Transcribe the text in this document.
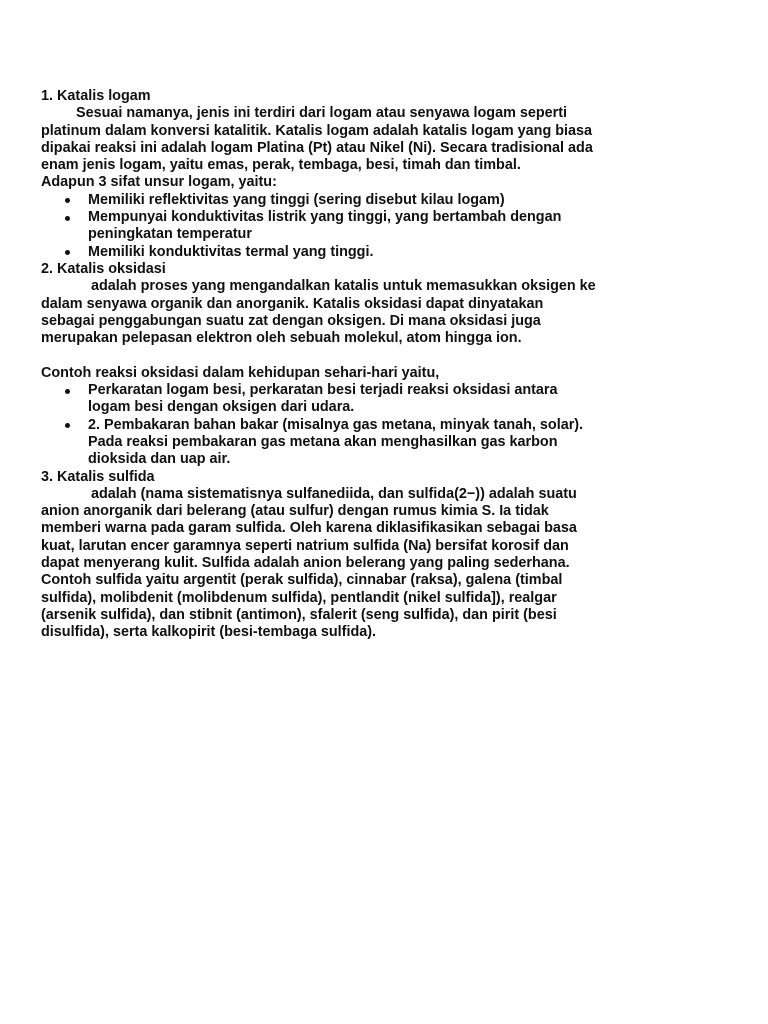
1. Katalis logam

Sesuai namanya, jenis ini terdiri dari logam atau senyawa logam seperti

platinum dalam konversi katalitik. Katalis logam adalah katalis logam yang biasa

dipakai reaksi ini adalah logam Platina (Pt) atau Nikel (Ni). Secara tradisional ada

enam jenis logam, yaitu emas, perak, tembaga, besi, timah dan timbal.

Adapun 3 sifat unsur logam, yaitu:

Memiliki reflektivitas yang tinggi (sering disebut kilau logam)

Mempunyai konduktivitas listrik yang tinggi, yang bertambah dengan

peningkatan temperatur

Memiliki konduktivitas termal yang tinggi.

2. Katalis oksidasi

adalah proses yang mengandalkan katalis untuk memasukkan oksigen ke

dalam senyawa organik dan anorganik. Katalis oksidasi dapat dinyatakan

sebagai penggabungan suatu zat dengan oksigen. Di mana oksidasi juga

merupakan pelepasan elektron oleh sebuah molekul, atom hingga ion.

Contoh reaksi oksidasi dalam kehidupan sehari-hari yaitu,

Perkaratan logam besi, perkaratan besi terjadi reaksi oksidasi antara

logam besi dengan oksigen dari udara.

2. Pembakaran bahan bakar (misalnya gas metana, minyak tanah, solar).

Pada reaksi pembakaran gas metana akan menghasilkan gas karbon

dioksida dan uap air.

3. Katalis sulfida

adalah (nama sistematisnya sulfanediida, dan sulfida(2−)) adalah suatu

anion anorganik dari belerang (atau sulfur) dengan rumus kimia S. Ia tidak

memberi warna pada garam sulfida. Oleh karena diklasifikasikan sebagai basa

kuat, larutan encer garamnya seperti natrium sulfida (Na) bersifat korosif dan

dapat menyerang kulit. Sulfida adalah anion belerang yang paling sederhana.

Contoh sulfida yaitu argentit (perak sulfida), cinnabar (raksa), galena (timbal

sulfida), molibdenit (molibdenum sulfida), pentlandit (nikel sulfida]), realgar

(arsenik sulfida), dan stibnit (antimon), sfalerit (seng sulfida), dan pirit (besi

disulfida), serta kalkopirit (besi-tembaga sulfida).
